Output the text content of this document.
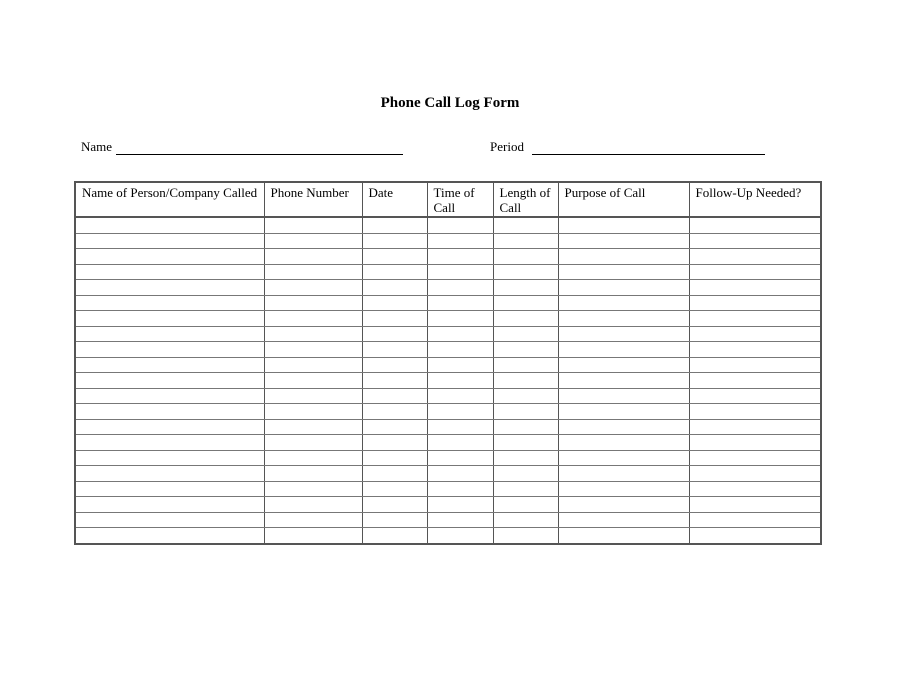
Phone Call Log Form
Name	Period
Name of Person/Company Called	Phone Number	Date	Time of Call	Length of Call	Purpose of Call	Follow-Up Needed?
